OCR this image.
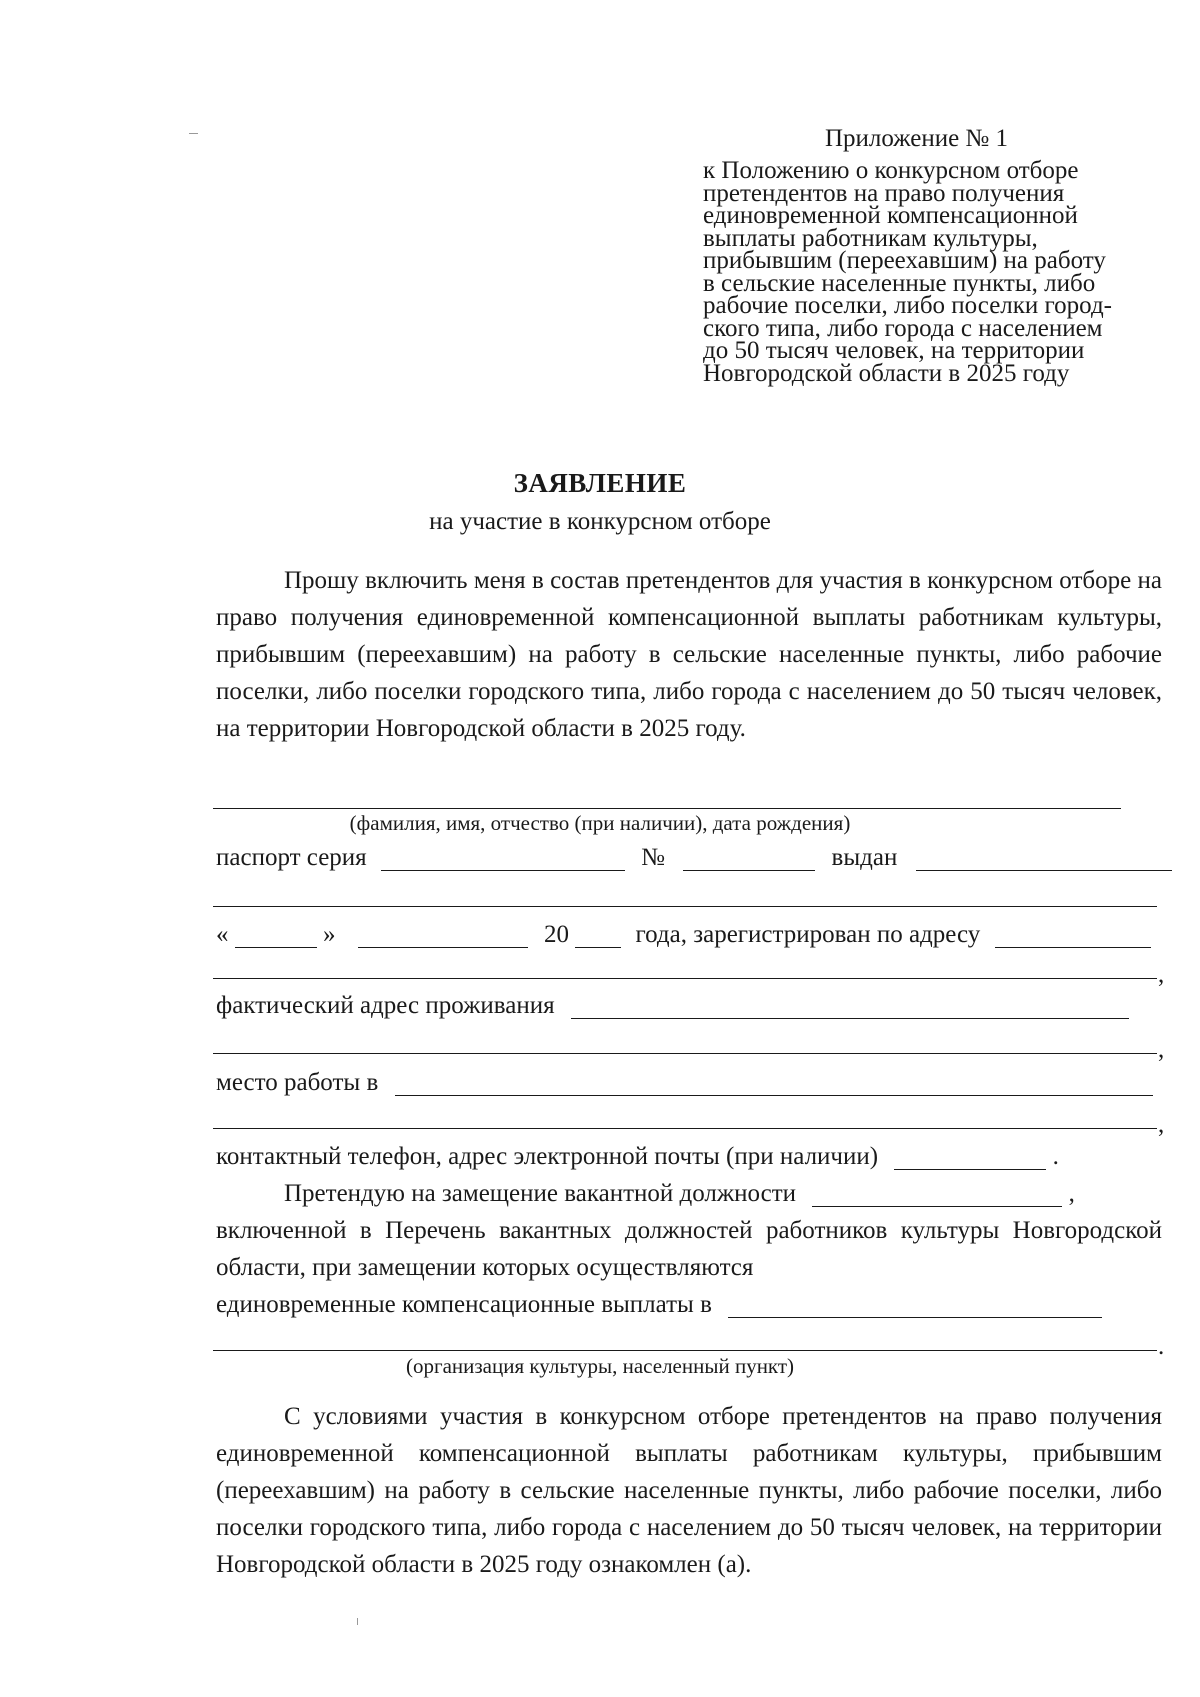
Приложение № 1
к Положению о конкурсном отборе
претендентов на право получения
единовременной компенсационной
выплаты работникам культуры,
прибывшим (переехавшим) на работу
в сельские населенные пункты, либо
рабочие поселки, либо поселки город-
ского типа, либо города с населением
до 50 тысяч человек, на территории
Новгородской области в 2025 году
ЗАЯВЛЕНИЕ
на участие в конкурсном отборе

Прошу включить меня в состав претендентов для участия в конкурсном отборе на право получения единовременной компенсационной выплаты работникам культуры, прибывшим (переехавшим) на работу в сельские населенные пункты, либо рабочие поселки, либо поселки городского типа, либо города с населением до 50 тысяч человек, на территории Новгородской области в 2025 году.

(фамилия, имя, отчество (при наличии), дата рождения)
паспорт серия	№	выдан
«	»	20	года, зарегистрирован по адресу
,
фактический адрес проживания
,
место работы в
,
контактный телефон, адрес электронной почты (при наличии)	.
Претендую на замещение вакантной должности	,

включенной в Перечень вакантных должностей работников культуры Новгородской области, при замещении которых осуществляются

единовременные компенсационные выплаты в
.
(организация культуры, населенный пункт)

С условиями участия в конкурсном отборе претендентов на право получения единовременной компенсационной выплаты работникам культуры, прибывшим (переехавшим) на работу в сельские населенные пункты, либо рабочие поселки, либо поселки городского типа, либо города с населением до 50 тысяч человек, на территории Новгородской области в 2025 году ознакомлен (а).
